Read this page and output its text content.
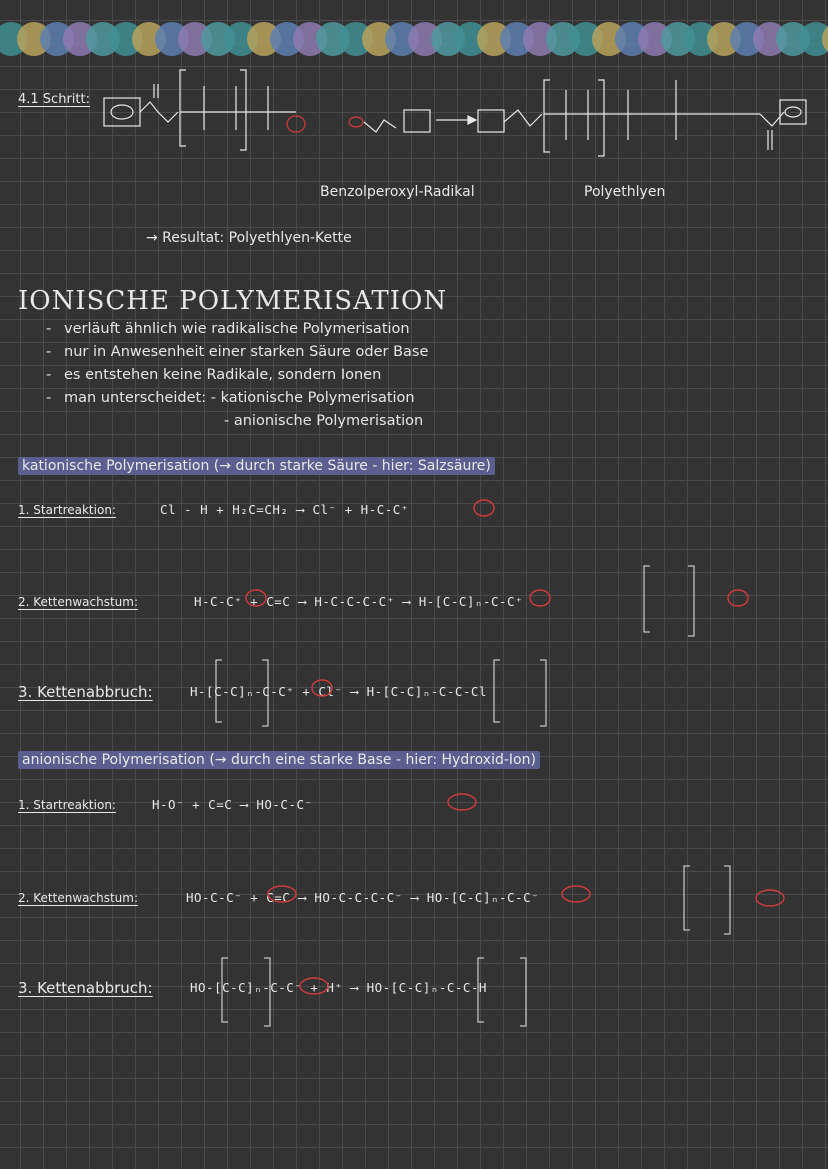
4.1 Schritt:
Benzolperoxyl-Radikal	Polyethlyen
→ Resultat: Polyethlyen-Kette
IONISCHE POLYMERISATION
- verläuft ähnlich wie radikalische Polymerisation
- nur in Anwesenheit einer starken Säure oder Base
- es entstehen keine Radikale, sondern Ionen
- man unterscheidet: - kationische Polymerisation
- anionische Polymerisation
kationische Polymerisation (→ durch starke Säure - hier: Salzsäure)
1. Startreaktion:	Cl - H + H₂C=CH₂ ⟶ Cl⁻ + H-C-C⁺
2. Kettenwachstum:	H-C-C⁺ + C=C ⟶ H-C-C-C-C⁺ ⟶ H-[C-C]ₙ-C-C⁺
3. Kettenabbruch:	H-[C-C]ₙ-C-C⁺ + Cl⁻ ⟶ H-[C-C]ₙ-C-C-Cl
anionische Polymerisation (→ durch eine starke Base - hier: Hydroxid-Ion)
1. Startreaktion:	H-O⁻ + C=C ⟶ HO-C-C⁻
2. Kettenwachstum:	HO-C-C⁻ + C=C ⟶ HO-C-C-C-C⁻ ⟶ HO-[C-C]ₙ-C-C⁻
3. Kettenabbruch:	HO-[C-C]ₙ-C-C⁻ + H⁺ ⟶ HO-[C-C]ₙ-C-C-H
